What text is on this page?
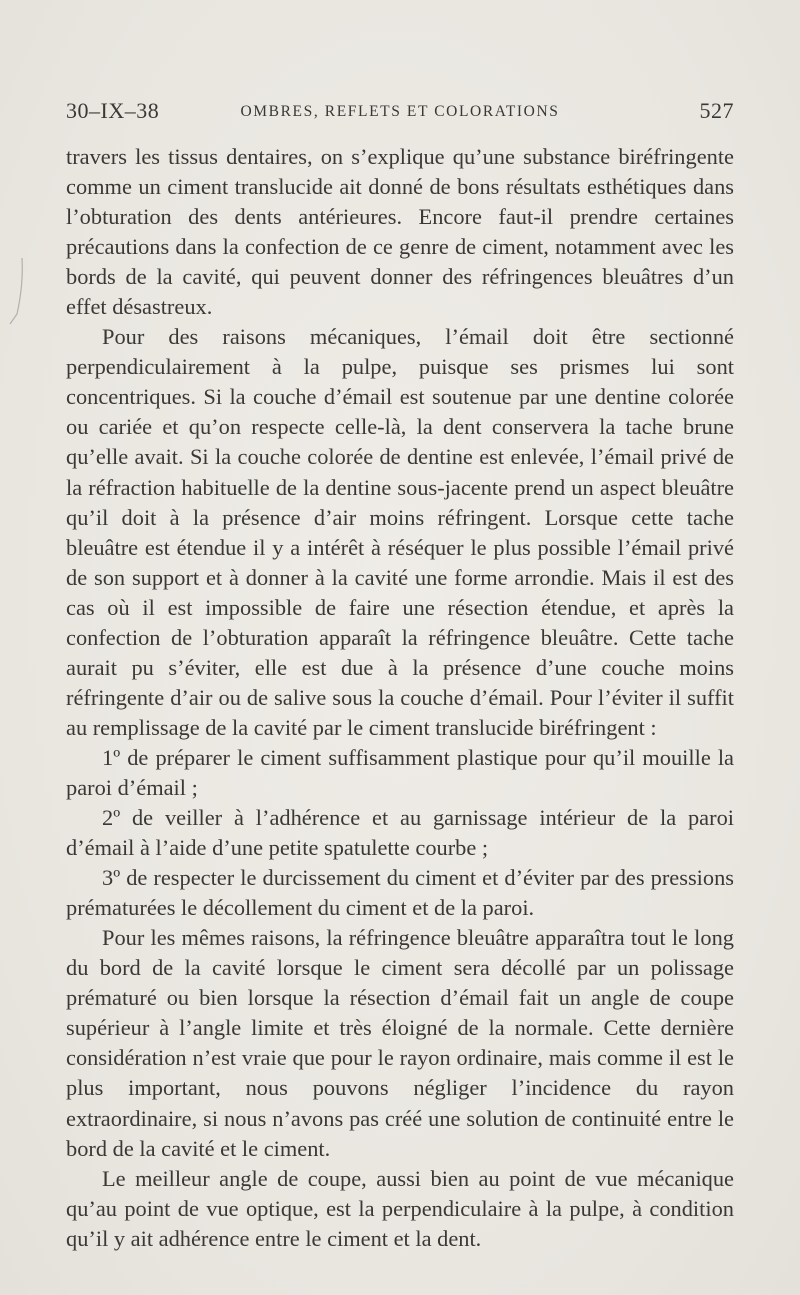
30–IX–38	OMBRES, REFLETS ET COLORATIONS	527

travers les tissus dentaires, on s’explique qu’une substance biréfringente comme un ciment translucide ait donné de bons résultats esthétiques dans l’obturation des dents antérieures. Encore faut-il prendre certaines précautions dans la confection de ce genre de ciment, notamment avec les bords de la cavité, qui peuvent donner des réfringences bleuâtres d’un effet désastreux.

Pour des raisons mécaniques, l’émail doit être sectionné perpendiculairement à la pulpe, puisque ses prismes lui sont concentriques. Si la couche d’émail est soutenue par une dentine colorée ou cariée et qu’on respecte celle-là, la dent conservera la tache brune qu’elle avait. Si la couche colorée de dentine est enlevée, l’émail privé de la réfraction habituelle de la dentine sous-jacente prend un aspect bleuâtre qu’il doit à la présence d’air moins réfringent. Lorsque cette tache bleuâtre est étendue il y a intérêt à réséquer le plus possible l’émail privé de son support et à donner à la cavité une forme arrondie. Mais il est des cas où il est impossible de faire une résection étendue, et après la confection de l’obturation apparaît la réfringence bleuâtre. Cette tache aurait pu s’éviter, elle est due à la présence d’une couche moins réfringente d’air ou de salive sous la couche d’émail. Pour l’éviter il suffit au remplissage de la cavité par le ciment translucide biréfringent :

1º de préparer le ciment suffisamment plastique pour qu’il mouille la paroi d’émail ;

2º de veiller à l’adhérence et au garnissage intérieur de la paroi d’émail à l’aide d’une petite spatulette courbe ;

3º de respecter le durcissement du ciment et d’éviter par des pressions prématurées le décollement du ciment et de la paroi.

Pour les mêmes raisons, la réfringence bleuâtre apparaîtra tout le long du bord de la cavité lorsque le ciment sera décollé par un polissage prématuré ou bien lorsque la résection d’émail fait un angle de coupe supérieur à l’angle limite et très éloigné de la normale. Cette dernière considération n’est vraie que pour le rayon ordinaire, mais comme il est le plus important, nous pouvons négliger l’incidence du rayon extraordinaire, si nous n’avons pas créé une solution de continuité entre le bord de la cavité et le ciment.

Le meilleur angle de coupe, aussi bien au point de vue mécanique qu’au point de vue optique, est la perpendiculaire à la pulpe, à condition qu’il y ait adhérence entre le ciment et la dent.
